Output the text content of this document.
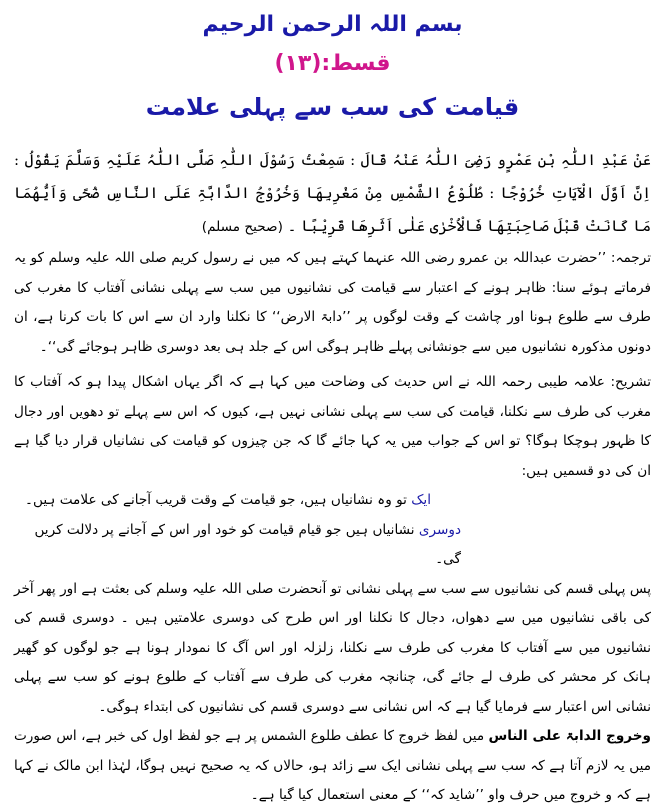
بسم اللہ الرحمن الرحیم
قسط:(۱۳)
قیامت کی سب سے پہلی علامت

عَنْ عَبْدِ اللّٰہِ بْنِ عَمْرٍو رَضِیَ اللّٰہُ عَنْہُ قَالَ : سَمِعْتُ رَسُوْلَ اللّٰہِ صَلَّی اللّٰہُ عَلَیْہِ وَسَلَّمَ یَقُوْلُ : اِنَّ اَوَّلَ الْآیَاتِ خُرُوْجًا : طُلُوْعُ الشَّمْسِ مِنْ مَغْرِبِھَا وَخُرُوْجُ الدَّابَّۃِ عَلَی النَّاسِ ضُحًی وَاَیُّھُمَا مَا کَانَتْ قَبْلَ صَاحِبَتِھَا فَالْاُخْرٰی عَلٰی اَثَرِھَا قَرِیْبًا ۔ (صحیح مسلم)

ترجمہ: ’’حضرت عبداللہ بن عمرو رضی اللہ عنہما کہتے ہیں کہ میں نے رسول کریم صلی اللہ علیہ وسلم کو یہ فرماتے ہوئے سنا: ظاہر ہونے کے اعتبار سے قیامت کی نشانیوں میں سب سے پہلی نشانی آفتاب کا مغرب کی طرف سے طلوع ہونا اور چاشت کے وقت لوگوں پر ’’دابۃ الارض‘‘ کا نکلنا وارد ان سے اس کا بات کرنا ہے، ان دونوں مذکورہ نشانیوں میں سے جونشانی پہلے ظاہر ہوگی اس کے جلد ہی بعد دوسری ظاہر ہوجائے گی‘‘۔

تشریح: علامہ طیبی رحمہ اللہ نے اس حدیث کی وضاحت میں کہا ہے کہ اگر یہاں اشکال پیدا ہو کہ آفتاب کا مغرب کی طرف سے نکلنا، قیامت کی سب سے پہلی نشانی نہیں ہے، کیوں کہ اس سے پہلے تو دھویں اور دجال کا ظہور ہوچکا ہوگا؟ تو اس کے جواب میں یہ کہا جائے گا کہ جن چیزوں کو قیامت کی نشانیاں قرار دیا گیا ہے ان کی دو قسمیں ہیں:

ایک تو وہ نشانیاں ہیں، جو قیامت کے وقت قریب آجانے کی علامت ہیں۔
دوسری نشانیاں ہیں جو قیام قیامت کو خود اور اس کے آجانے پر دلالت کریں گی۔

پس پہلی قسم کی نشانیوں سے سب سے پہلی نشانی تو آنحضرت صلی اللہ علیہ وسلم کی بعثت ہے اور پھر آخر کی باقی نشانیوں میں سے دھواں، دجال کا نکلنا اور اس طرح کی دوسری علامتیں ہیں ۔ دوسری قسم کی نشانیوں میں سے آفتاب کا مغرب کی طرف سے نکلنا، زلزلہ اور اس آگ کا نمودار ہونا ہے جو لوگوں کو گھیر ہانک کر محشر کی طرف لے جائے گی، چنانچہ مغرب کی طرف سے آفتاب کے طلوع ہونے کو سب سے پہلی نشانی اس اعتبار سے فرمایا گیا ہے کہ اس نشانی سے دوسری قسم کی نشانیوں کی ابتداء ہوگی۔

وخروج الدابۃ علی الناس میں لفظ خروج کا عطف طلوع الشمس پر ہے جو لفظ اول کی خبر ہے، اس صورت میں یہ لازم آتا ہے کہ سب سے پہلی نشانی ایک سے زائد ہو، حالاں کہ یہ صحیح نہیں ہوگا، لہٰذا ابن مالک نے کہا ہے کہ و خروج میں حرف واو ’’شاید کہ‘‘ کے معنی استعمال کیا گیا ہے۔
